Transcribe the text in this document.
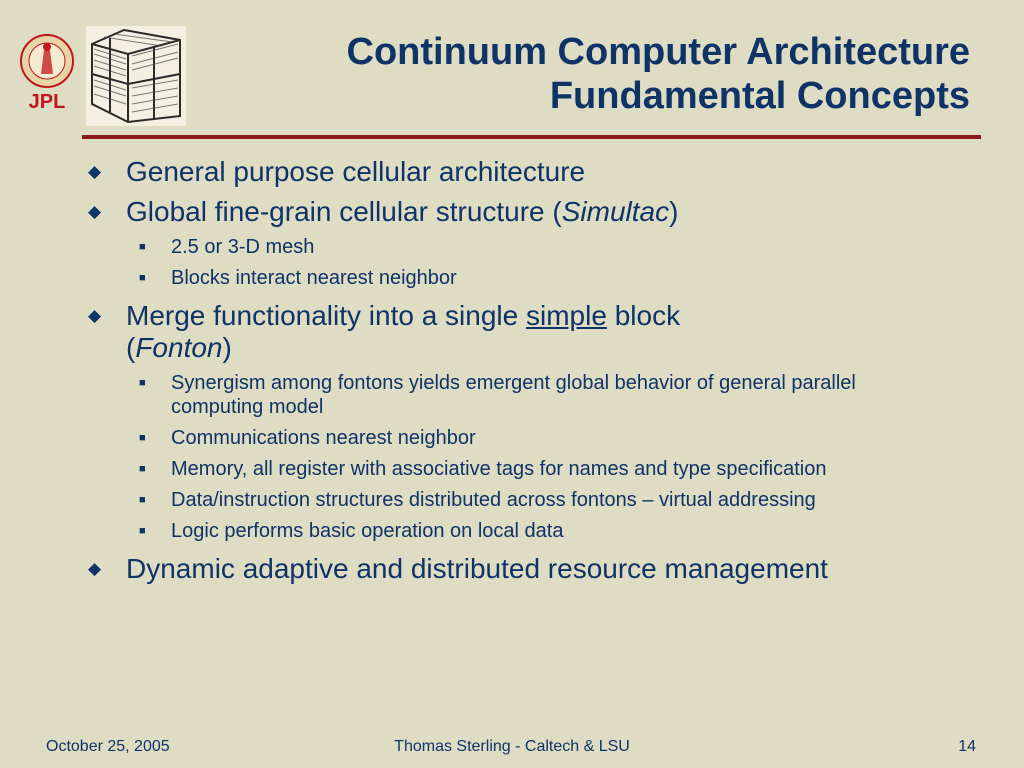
JPL
Continuum Computer Architecture
Fundamental Concepts
◆ General purpose cellular architecture
◆ Global fine-grain cellular structure (Simultac)
■ 2.5 or 3-D mesh
■ Blocks interact nearest neighbor
◆ Merge functionality into a single simple block
(Fonton)
■ Synergism among fontons yields emergent global behavior of general parallel computing model
■ Communications nearest neighbor
■ Memory, all register with associative tags for names and type specification
■ Data/instruction structures distributed across fontons – virtual addressing
■ Logic performs basic operation on local data
◆ Dynamic adaptive and distributed resource management
October 25, 2005	Thomas Sterling - Caltech & LSU	14
